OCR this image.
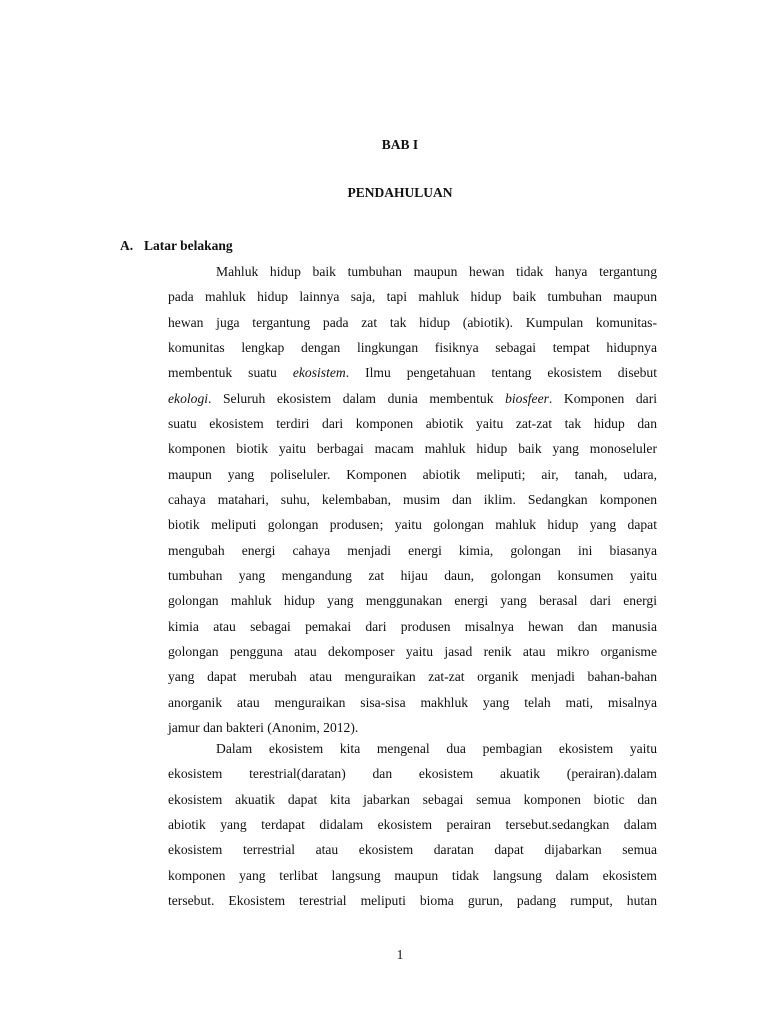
BAB I
PENDAHULUAN
A. Latar belakang
Mahluk hidup baik tumbuhan maupun hewan tidak hanya tergantung
pada mahluk hidup lainnya saja, tapi mahluk hidup baik tumbuhan maupun
hewan juga tergantung pada zat tak hidup (abiotik). Kumpulan komunitas-
komunitas lengkap dengan lingkungan fisiknya sebagai tempat hidupnya
membentuk suatu ekosistem. Ilmu pengetahuan tentang ekosistem disebut
ekologi. Seluruh ekosistem dalam dunia membentuk biosfeer. Komponen dari
suatu ekosistem terdiri dari komponen abiotik yaitu zat-zat tak hidup dan
komponen biotik yaitu berbagai macam mahluk hidup baik yang monoseluler
maupun yang poliseluler. Komponen abiotik meliputi; air, tanah, udara,
cahaya matahari, suhu, kelembaban, musim dan iklim. Sedangkan komponen
biotik meliputi golongan produsen; yaitu golongan mahluk hidup yang dapat
mengubah energi cahaya menjadi energi kimia, golongan ini biasanya
tumbuhan yang mengandung zat hijau daun, golongan konsumen yaitu
golongan mahluk hidup yang menggunakan energi yang berasal dari energi
kimia atau sebagai pemakai dari produsen misalnya hewan dan manusia
golongan pengguna atau dekomposer yaitu jasad renik atau mikro organisme
yang dapat merubah atau menguraikan zat-zat organik menjadi bahan-bahan
anorganik atau menguraikan sisa-sisa makhluk yang telah mati, misalnya
jamur dan bakteri (Anonim, 2012).
Dalam ekosistem kita mengenal dua pembagian ekosistem yaitu
ekosistem terestrial(daratan) dan ekosistem akuatik (perairan).dalam
ekosistem akuatik dapat kita jabarkan sebagai semua komponen biotic dan
abiotik yang terdapat didalam ekosistem perairan tersebut.sedangkan dalam
ekosistem terrestrial atau ekosistem daratan dapat dijabarkan semua
komponen yang terlibat langsung maupun tidak langsung dalam ekosistem
tersebut. Ekosistem terestrial meliputi bioma gurun, padang rumput, hutan
1
